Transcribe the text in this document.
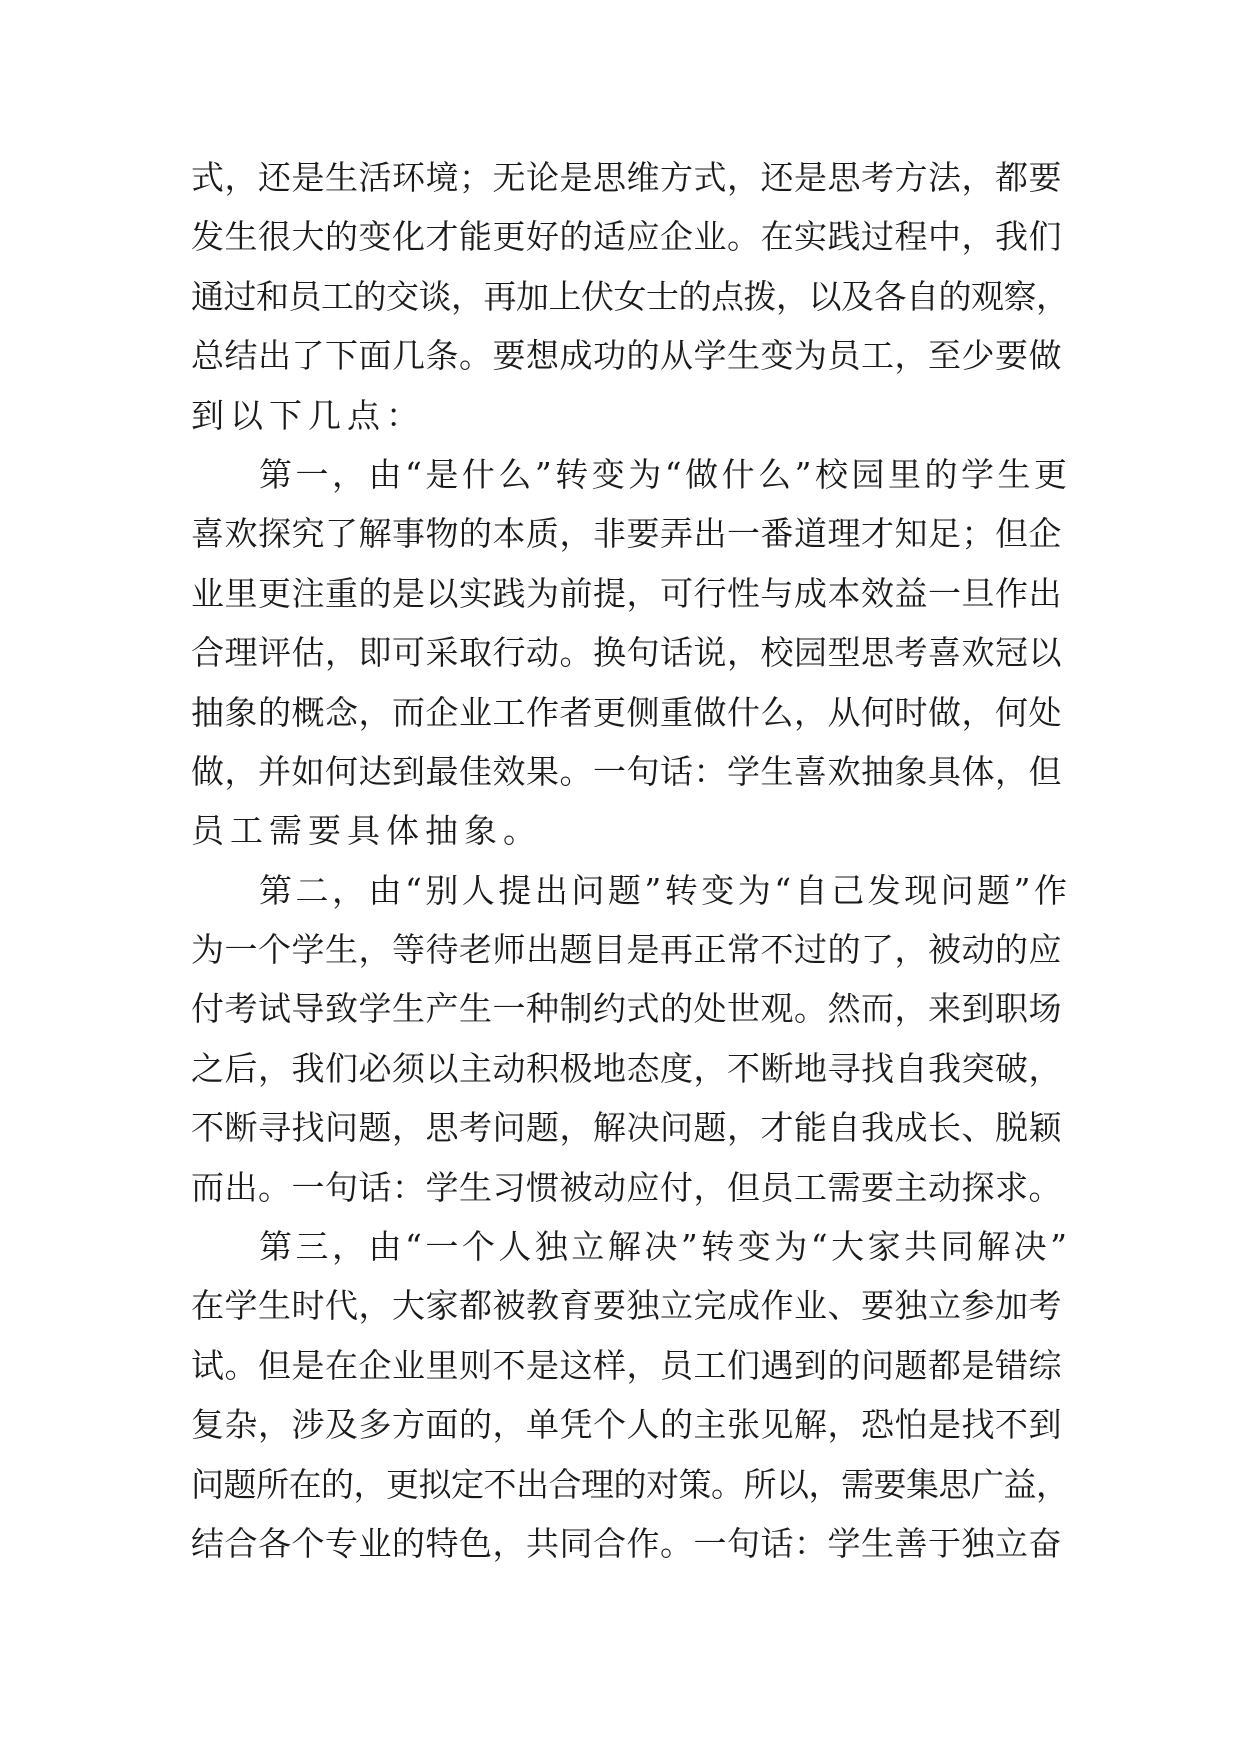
式，还是生活环境；无论是思维方式，还是思考方法，都要
发生很大的变化才能更好的适应企业。在实践过程中，我们
通过和员工的交谈，再加上伏女士的点拨，以及各自的观察，
总结出了下面几条。要想成功的从学生变为员工，至少要做
到以下几点：
第一，由“是什么”转变为“做什么”校园里的学生更
喜欢探究了解事物的本质，非要弄出一番道理才知足；但企
业里更注重的是以实践为前提，可行性与成本效益一旦作出
合理评估，即可采取行动。换句话说，校园型思考喜欢冠以
抽象的概念，而企业工作者更侧重做什么，从何时做，何处
做，并如何达到最佳效果。一句话：学生喜欢抽象具体，但
员工需要具体抽象。
第二，由“别人提出问题”转变为“自己发现问题”作
为一个学生，等待老师出题目是再正常不过的了，被动的应
付考试导致学生产生一种制约式的处世观。然而，来到职场
之后，我们必须以主动积极地态度，不断地寻找自我突破，
不断寻找问题，思考问题，解决问题，才能自我成长、脱颖
而出。一句话：学生习惯被动应付，但员工需要主动探求。
第三，由“一个人独立解决”转变为“大家共同解决”
在学生时代，大家都被教育要独立完成作业、要独立参加考
试。但是在企业里则不是这样，员工们遇到的问题都是错综
复杂，涉及多方面的，单凭个人的主张见解，恐怕是找不到
问题所在的，更拟定不出合理的对策。所以，需要集思广益，
结合各个专业的特色，共同合作。一句话：学生善于独立奋
